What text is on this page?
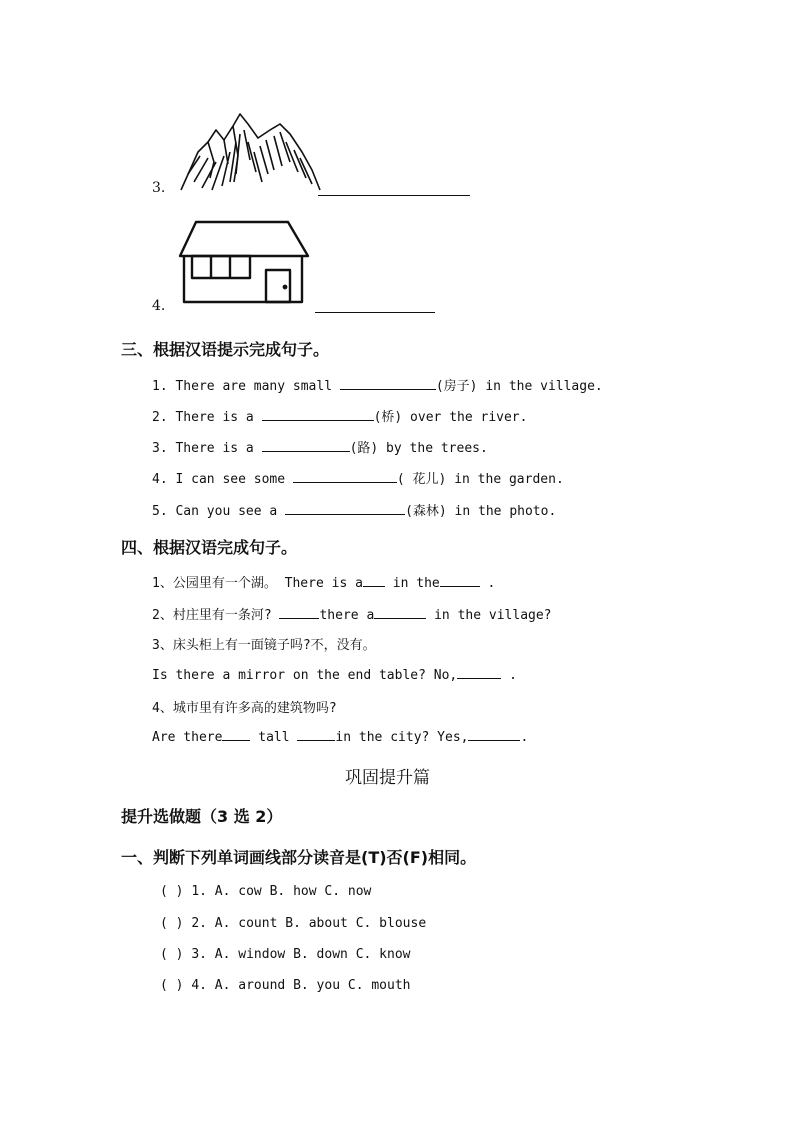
3.
4.
三、根据汉语提示完成句子。
1. There are many small	(房子) in the village.
2. There is a	(桥) over the river.
3. There is a	(路) by the trees.
4. I can see some	( 花儿) in the garden.
5. Can you see a	(森林) in the photo.
四、根据汉语完成句子。
1、公园里有一个湖。 There is a in the	.
2、村庄里有一条河?	there a	in the village?
3、床头柜上有一面镜子吗?不，没有。
Is there a mirror on the end table? No,	.
4、城市里有许多高的建筑物吗?
Are there tall	in the city? Yes,	.
巩固提升篇
提升选做题（3 选 2）
一、判断下列单词画线部分读音是(T)否(F)相同。
( ) 1. A. cow B. how C. now
( ) 2. A. count B. about C. blouse
( ) 3. A. window B. down C. know
( ) 4. A. around B. you C. mouth
